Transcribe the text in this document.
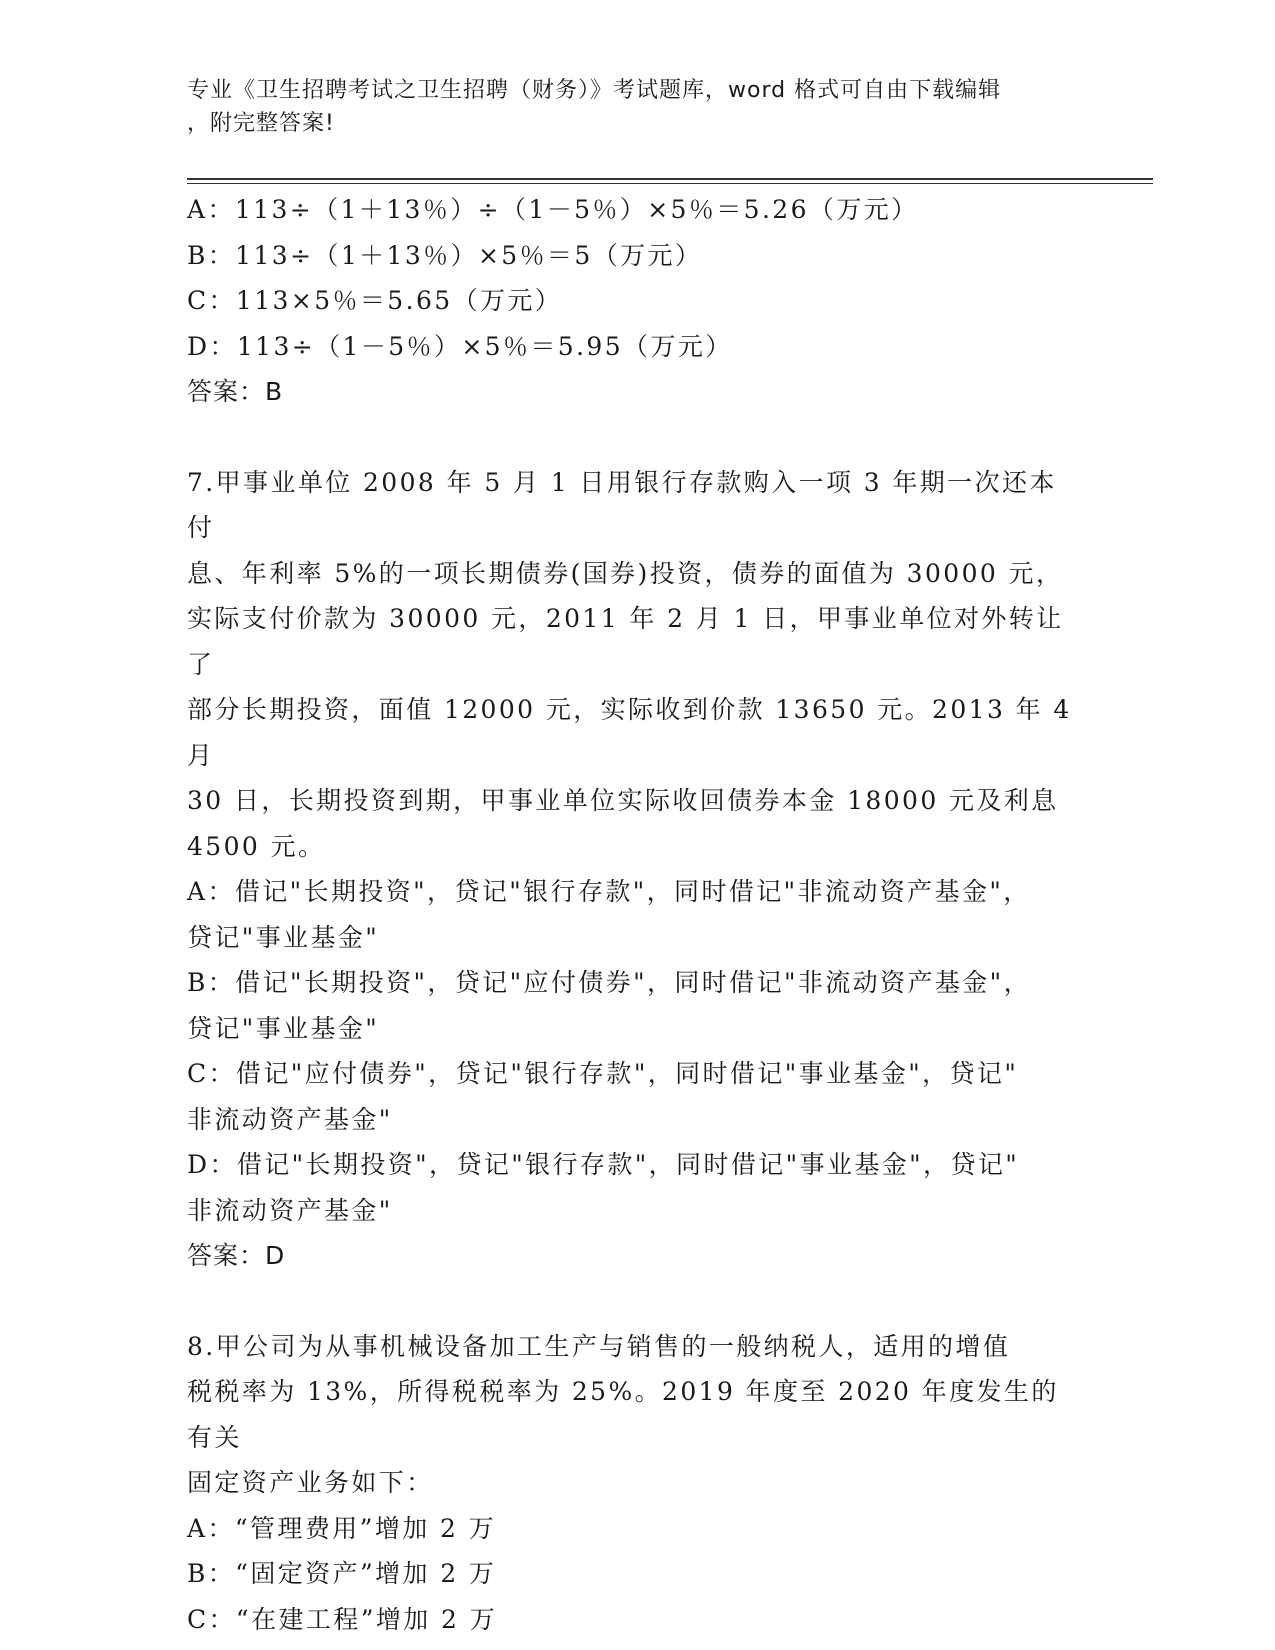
专业《卫生招聘考试之卫生招聘（财务）》考试题库，word 格式可自由下载编辑
，附完整答案!
A：113÷（1＋13％）÷（1－5％）×5％＝5.26（万元）
B：113÷（1＋13％）×5％＝5（万元）
C：113×5％＝5.65（万元）
D：113÷（1－5％）×5％＝5.95（万元）
答案：B
7.甲事业单位 2008 年 5 月 1 日用银行存款购入一项 3 年期一次还本付
息、年利率 5%的一项长期债券(国券)投资，债券的面值为 30000 元，
实际支付价款为 30000 元，2011 年 2 月 1 日，甲事业单位对外转让了
部分长期投资，面值 12000 元，实际收到价款 13650 元。2013 年 4 月
30 日，长期投资到期，甲事业单位实际收回债券本金 18000 元及利息
4500 元。
A：借记"长期投资"，贷记"银行存款"，同时借记"非流动资产基金"，
贷记"事业基金"
B：借记"长期投资"，贷记"应付债券"，同时借记"非流动资产基金"，
贷记"事业基金"
C：借记"应付债券"，贷记"银行存款"，同时借记"事业基金"，贷记"
非流动资产基金"
D：借记"长期投资"，贷记"银行存款"，同时借记"事业基金"，贷记"
非流动资产基金"
答案：D
8.甲公司为从事机械设备加工生产与销售的一般纳税人，适用的增值
税税率为 13%，所得税税率为 25%。2019 年度至 2020 年度发生的有关
固定资产业务如下：
A：“管理费用”增加 2 万
B：“固定资产”增加 2 万
C：“在建工程”增加 2 万
